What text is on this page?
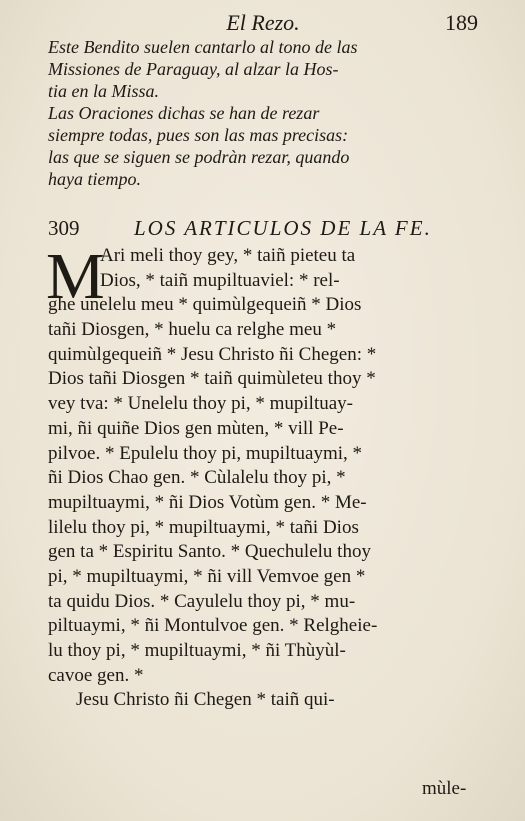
El Rezo.	189
Este Bendito suelen cantarlo al tono de las
Missiones de Paraguay, al alzar la Hos-
tia en la Missa.
Las Oraciones dichas se han de rezar
siempre todas, pues son las mas precisas:
las que se siguen se podràn rezar, quando
haya tiempo.
309	LOS ARTICULOS DE LA FE.
M
Ari meli thoy gey, * taiñ pieteu ta
Dios, * taiñ mupiltuaviel: * rel-
ghe unelelu meu * quimùlgequeiñ * Dios
tañi Diosgen, * huelu ca relghe meu *
quimùlgequeiñ * Jesu Christo ñi Chegen: *
Dios tañi Diosgen * taiñ quimùleteu thoy *
vey tva: * Unelelu thoy pi, * mupiltuay-
mi, ñi quiñe Dios gen mùten, * vill Pe-
pilvoe. * Epulelu thoy pi, mupiltuaymi, *
ñi Dios Chao gen. * Cùlalelu thoy pi, *
mupiltuaymi, * ñi Dios Votùm gen. * Me-
lilelu thoy pi, * mupiltuaymi, * tañi Dios
gen ta * Espiritu Santo. * Quechulelu thoy
pi, * mupiltuaymi, * ñi vill Vemvoe gen *
ta quidu Dios. * Cayulelu thoy pi, * mu-
piltuaymi, * ñi Montulvoe gen. * Relgheie-
lu thoy pi, * mupiltuaymi, * ñi Thùyùl-
cavoe gen. *
Jesu Christo ñi Chegen * taiñ qui-
mùle-
